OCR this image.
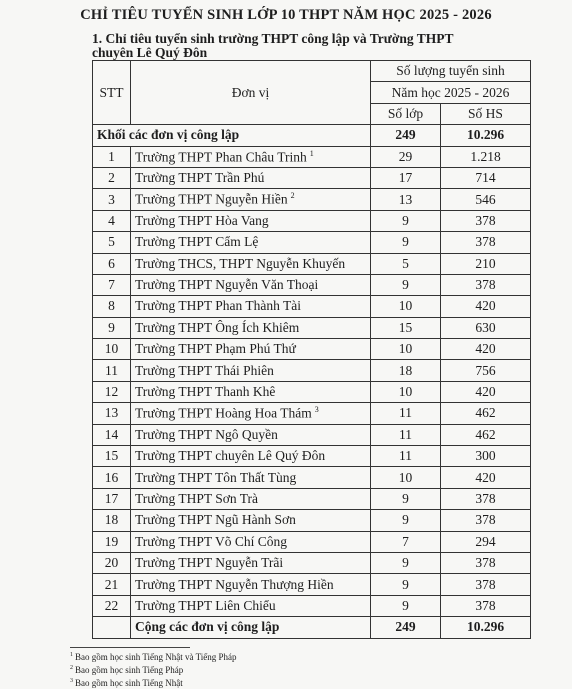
CHỈ TIÊU TUYỂN SINH LỚP 10 THPT NĂM HỌC 2025 - 2026
1. Chỉ tiêu tuyển sinh trường THPT công lập và Trường THPT
chuyên Lê Quý Đôn
STT	Đơn vị	Số lượng tuyển sinh	
		Năm học 2025 - 2026	
		Số lớp	Số HS
Khối các đơn vị công lập		249	10.296
1	Trường THPT Phan Châu Trinh $^1$	29	1.218
2	Trường THPT Trần Phú	17	714
3	Trường THPT Nguyễn Hiền $^2$	13	546
4	Trường THPT Hòa Vang	9	378
5	Trường THPT Cẩm Lệ	9	378
6	Trường THCS, THPT Nguyễn Khuyến	5	210
7	Trường THPT Nguyễn Văn Thoại	9	378
8	Trường THPT Phan Thành Tài	10	420
9	Trường THPT Ông Ích Khiêm	15	630
10	Trường THPT Phạm Phú Thứ	10	420
11	Trường THPT Thái Phiên	18	756
12	Trường THPT Thanh Khê	10	420
13	Trường THPT Hoàng Hoa Thám $^3$	11	462
14	Trường THPT Ngô Quyền	11	462
15	Trường THPT chuyên Lê Quý Đôn	11	300
16	Trường THPT Tôn Thất Tùng	10	420
17	Trường THPT Sơn Trà	9	378
18	Trường THPT Ngũ Hành Sơn	9	378
19	Trường THPT Võ Chí Công	7	294
20	Trường THPT Nguyễn Trãi	9	378
21	Trường THPT Nguyễn Thượng Hiền	9	378
22	Trường THPT Liên Chiểu	9	378
	Cộng các đơn vị công lập	249	10.296
$^1$ Bao gồm học sinh Tiếng Nhật và Tiếng Pháp
$^2$ Bao gồm học sinh Tiếng Pháp
$^3$ Bao gồm học sinh Tiếng Nhật
